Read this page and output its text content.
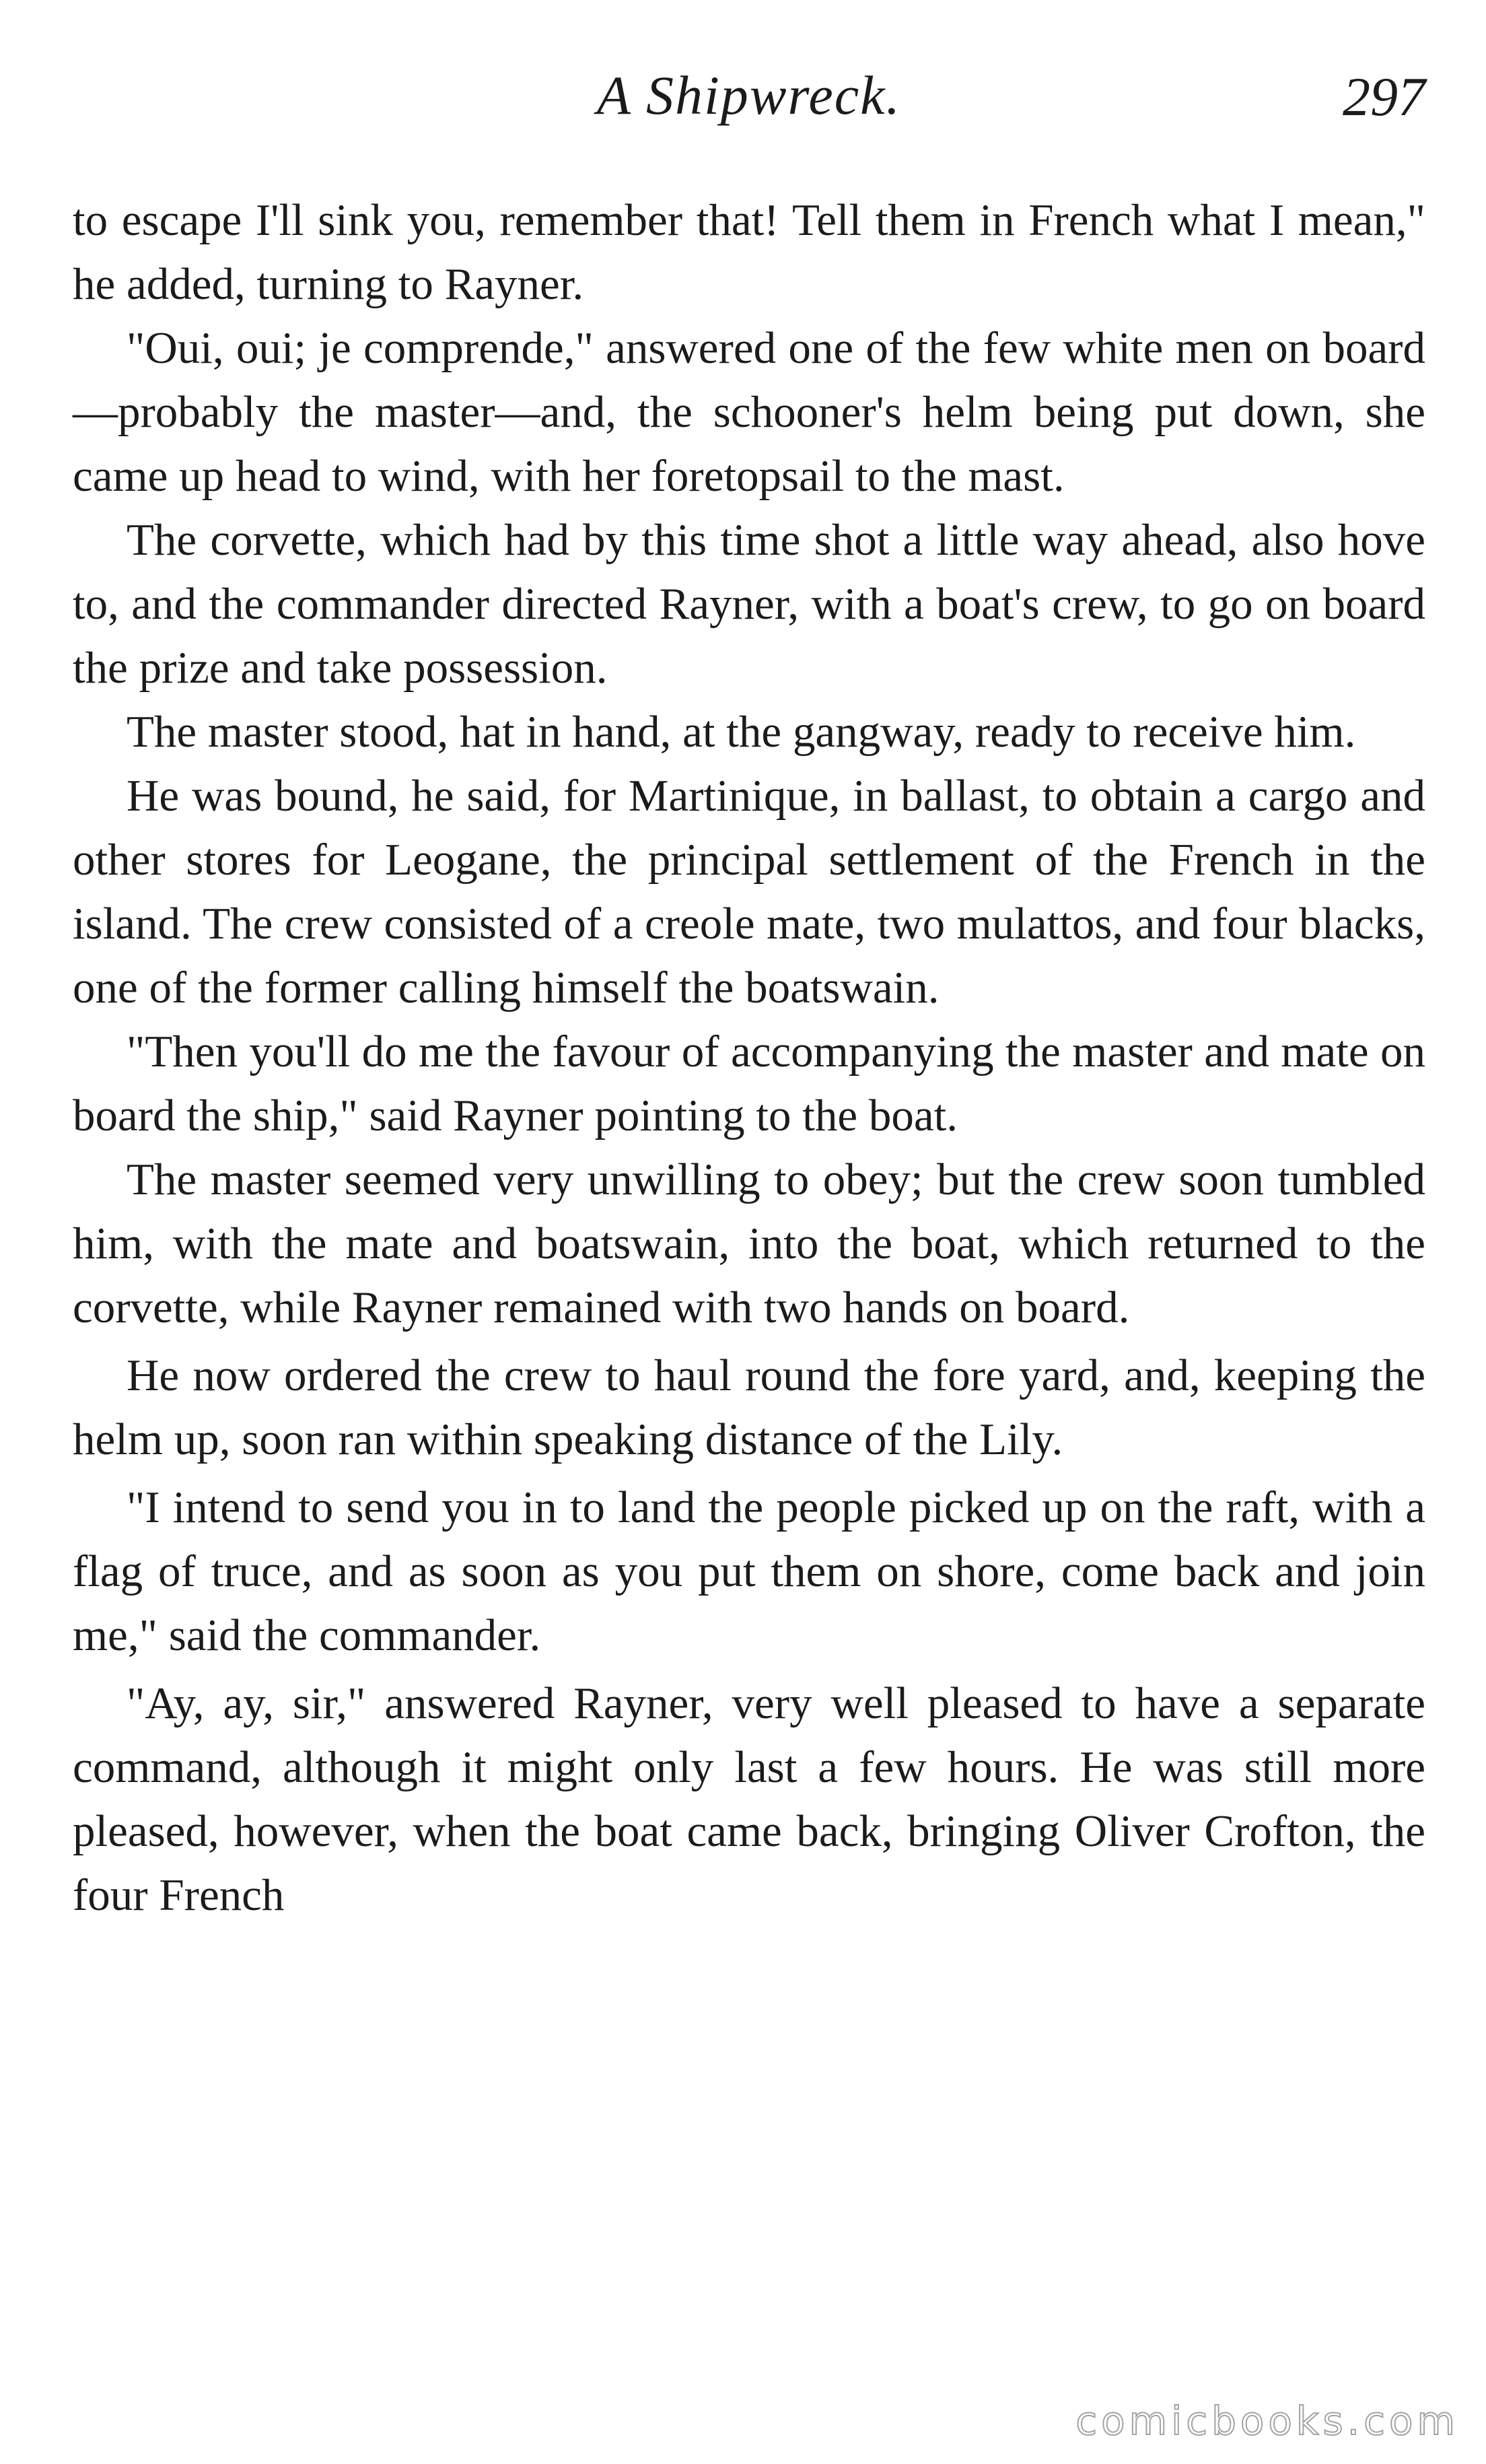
A Shipwreck.	297

to escape I'll sink you, remember that! Tell them in French what I mean," he added, turning to Rayner.

"Oui, oui; je comprende," answered one of the few white men on board—probably the master—and, the schooner's helm being put down, she came up head to wind, with her foretopsail to the mast.

The corvette, which had by this time shot a little way ahead, also hove to, and the commander directed Rayner, with a boat's crew, to go on board the prize and take possession.

The master stood, hat in hand, at the gangway, ready to receive him.

He was bound, he said, for Martinique, in ballast, to obtain a cargo and other stores for Leogane, the principal settlement of the French in the island. The crew consisted of a creole mate, two mulattos, and four blacks, one of the former calling himself the boatswain.

"Then you'll do me the favour of accompanying the master and mate on board the ship," said Rayner pointing to the boat.

The master seemed very unwilling to obey; but the crew soon tumbled him, with the mate and boatswain, into the boat, which returned to the corvette, while Rayner remained with two hands on board.

He now ordered the crew to haul round the fore yard, and, keeping the helm up, soon ran within speaking distance of the Lily.

"I intend to send you in to land the people picked up on the raft, with a flag of truce, and as soon as you put them on shore, come back and join me," said the commander.

"Ay, ay, sir," answered Rayner, very well pleased to have a separate command, although it might only last a few hours. He was still more pleased, however, when the boat came back, bringing Oliver Crofton, the four French

comicbooks.com
